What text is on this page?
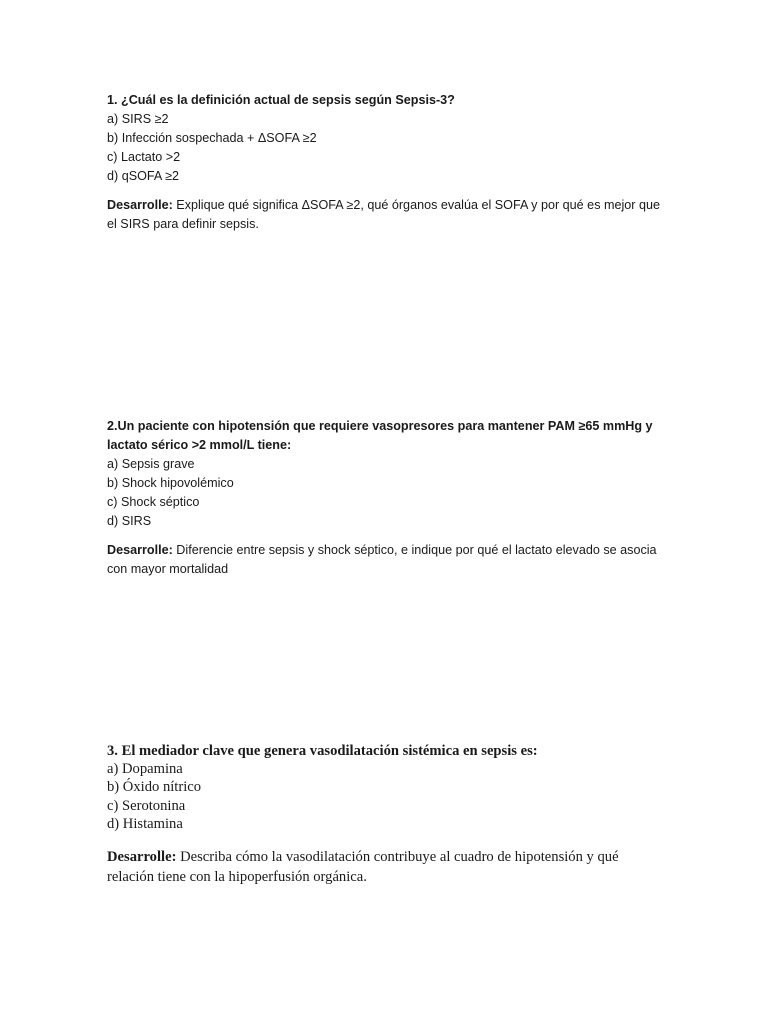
1. ¿Cuál es la definición actual de sepsis según Sepsis-3?

a) SIRS ≥2

b) Infección sospechada + ΔSOFA ≥2

c) Lactato >2

d) qSOFA ≥2

Desarrolle: Explique qué significa ΔSOFA ≥2, qué órganos evalúa el SOFA y por qué es mejor que el SIRS para definir sepsis.

2.Un paciente con hipotensión que requiere vasopresores para mantener PAM ≥65 mmHg y lactato sérico >2 mmol/L tiene:

a) Sepsis grave

b) Shock hipovolémico

c) Shock séptico

d) SIRS

Desarrolle: Diferencie entre sepsis y shock séptico, e indique por qué el lactato elevado se asocia con mayor mortalidad

3. El mediador clave que genera vasodilatación sistémica en sepsis es:

a) Dopamina

b) Óxido nítrico

c) Serotonina

d) Histamina

Desarrolle: Describa cómo la vasodilatación contribuye al cuadro de hipotensión y qué relación tiene con la hipoperfusión orgánica.
